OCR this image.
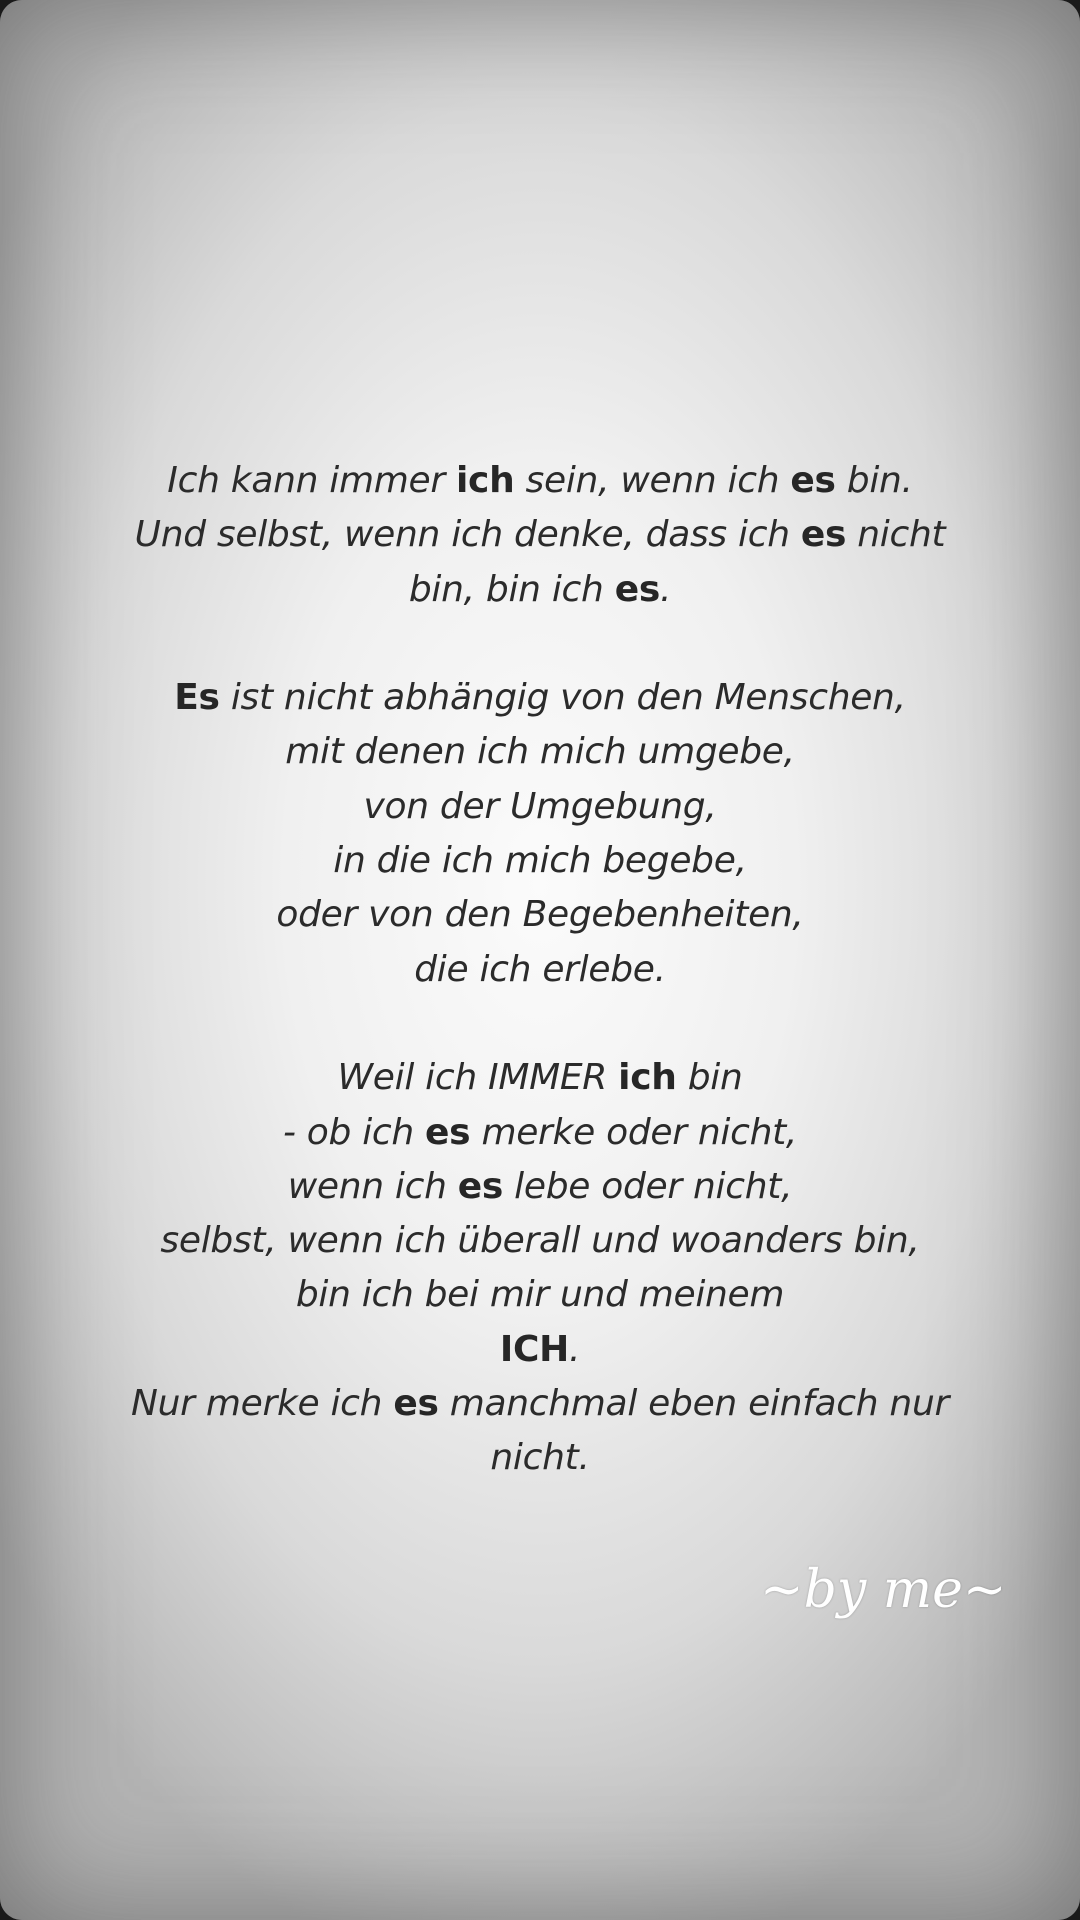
Ich kann immer ich sein, wenn ich es bin.
Und selbst, wenn ich denke, dass ich es nicht
bin, bin ich es.
Es ist nicht abhängig von den Menschen,
mit denen ich mich umgebe,
von der Umgebung,
in die ich mich begebe,
oder von den Begebenheiten,
die ich erlebe.
Weil ich IMMER ich bin
- ob ich es merke oder nicht,
wenn ich es lebe oder nicht,
selbst, wenn ich überall und woanders bin,
bin ich bei mir und meinem
ICH.
Nur merke ich es manchmal eben einfach nur
nicht.
~by me~
